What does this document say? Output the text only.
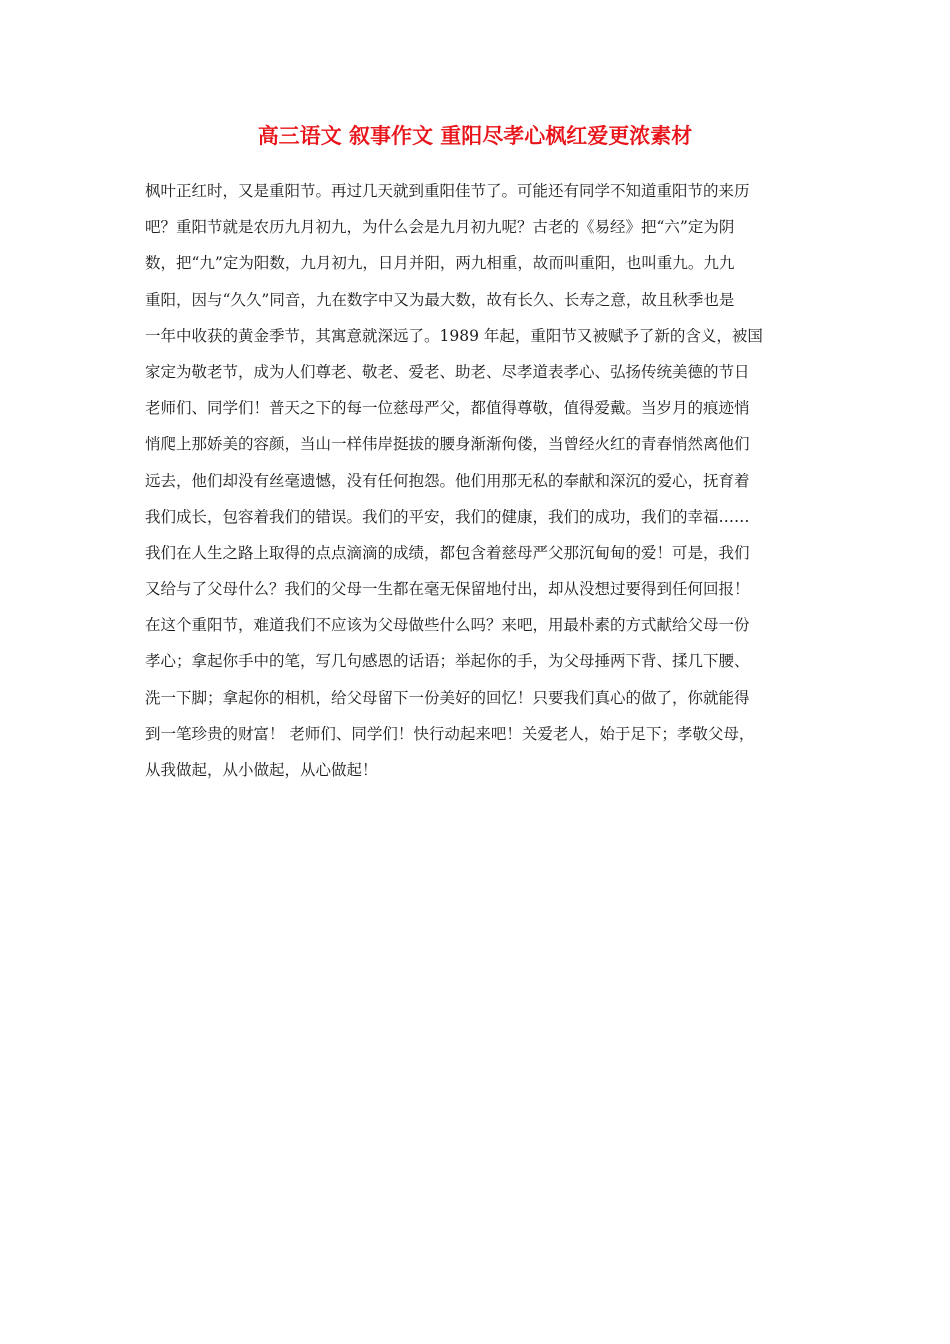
高三语文 叙事作文 重阳尽孝心枫红爱更浓素材
枫叶正红时，又是重阳节。再过几天就到重阳佳节了。可能还有同学不知道重阳节的来历
吧？重阳节就是农历九月初九，为什么会是九月初九呢？古老的《易经》把“六”定为阴
数，把“九”定为阳数，九月初九，日月并阳，两九相重，故而叫重阳，也叫重九。九九
重阳，因与“久久”同音，九在数字中又为最大数，故有长久、长寿之意，故且秋季也是
一年中收获的黄金季节，其寓意就深远了。1989 年起，重阳节又被赋予了新的含义，被国
家定为敬老节，成为人们尊老、敬老、爱老、助老、尽孝道表孝心、弘扬传统美德的节日
老师们、同学们！普天之下的每一位慈母严父，都值得尊敬，值得爱戴。当岁月的痕迹悄
悄爬上那娇美的容颜，当山一样伟岸挺拔的腰身渐渐佝偻，当曾经火红的青春悄然离他们
远去，他们却没有丝毫遗憾，没有任何抱怨。他们用那无私的奉献和深沉的爱心，抚育着
我们成长，包容着我们的错误。我们的平安，我们的健康，我们的成功，我们的幸福……
我们在人生之路上取得的点点滴滴的成绩，都包含着慈母严父那沉甸甸的爱！可是，我们
又给与了父母什么？我们的父母一生都在毫无保留地付出，却从没想过要得到任何回报！
在这个重阳节，难道我们不应该为父母做些什么吗？来吧，用最朴素的方式献给父母一份
孝心；拿起你手中的笔，写几句感恩的话语；举起你的手，为父母捶两下背、揉几下腰、
洗一下脚；拿起你的相机，给父母留下一份美好的回忆！只要我们真心的做了，你就能得
到一笔珍贵的财富！ 老师们、同学们！快行动起来吧！关爱老人，始于足下；孝敬父母，
从我做起，从小做起，从心做起！
